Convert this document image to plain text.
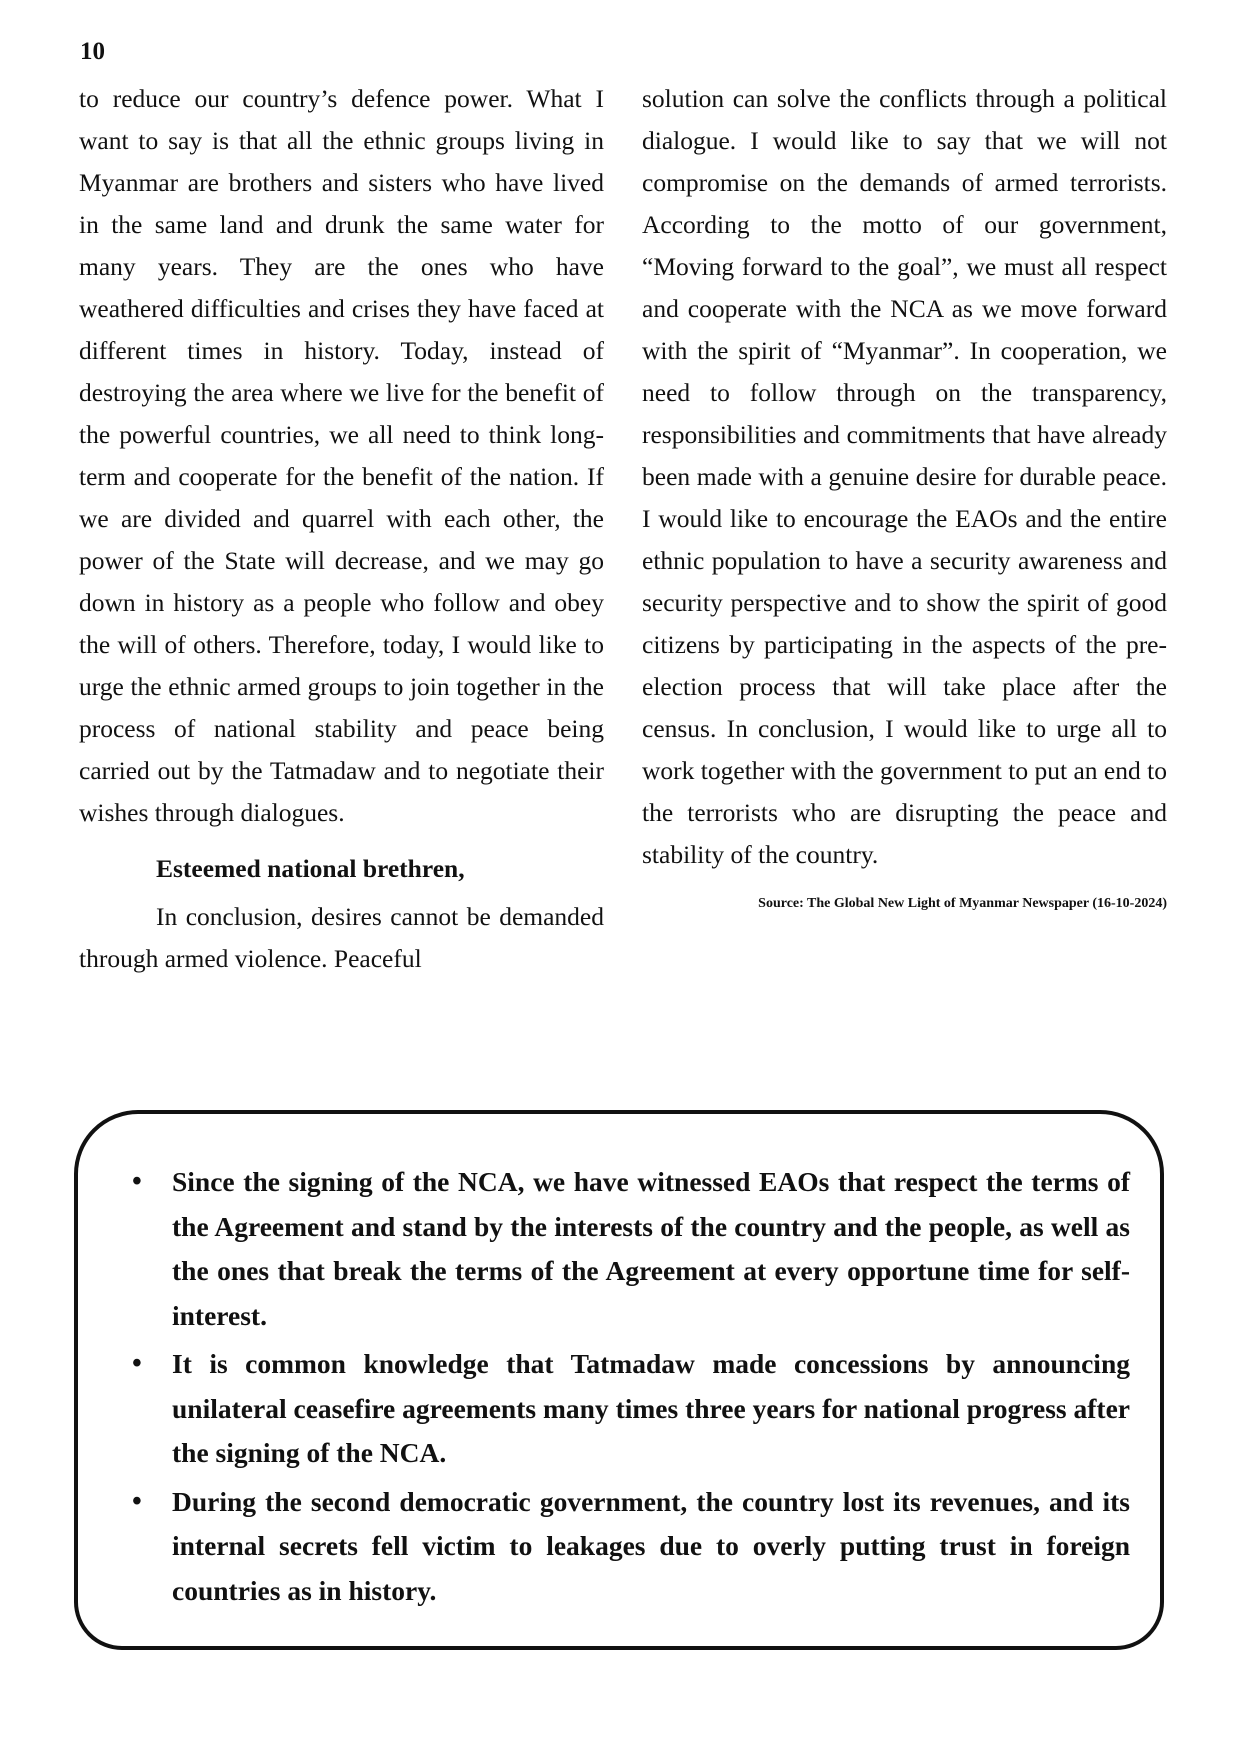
10

to reduce our country’s defence power. What I want to say is that all the ethnic groups living in Myanmar are brothers and sisters who have lived in the same land and drunk the same water for many years. They are the ones who have weathered difficulties and crises they have faced at different times in history. Today, instead of destroying the area where we live for the benefit of the powerful countries, we all need to think long-term and cooperate for the benefit of the nation. If we are divided and quarrel with each other, the power of the State will decrease, and we may go down in history as a people who follow and obey the will of others. Therefore, today, I would like to urge the ethnic armed groups to join together in the process of national stability and peace being carried out by the Tatmadaw and to negotiate their wishes through dialogues.

Esteemed national brethren,

In conclusion, desires cannot be demanded through armed violence. Peaceful

solution can solve the conflicts through a political dialogue. I would like to say that we will not compromise on the demands of armed terrorists. According to the motto of our government, “Moving forward to the goal”, we must all respect and cooperate with the NCA as we move forward with the spirit of “Myanmar”. In cooperation, we need to follow through on the transparency, responsibilities and commitments that have already been made with a genuine desire for durable peace. I would like to encourage the EAOs and the entire ethnic population to have a security awareness and security perspective and to show the spirit of good citizens by participating in the aspects of the pre-election process that will take place after the census. In conclusion, I would like to urge all to work together with the government to put an end to the terrorists who are disrupting the peace and stability of the country.

Source: The Global New Light of Myanmar Newspaper (16-10-2024)

• Since the signing of the NCA, we have witnessed EAOs that respect the terms of the Agreement and stand by the interests of the country and the people, as well as the ones that break the terms of the Agreement at every opportune time for self-interest.
• It is common knowledge that Tatmadaw made concessions by announcing unilateral ceasefire agreements many times three years for national progress after the signing of the NCA.
• During the second democratic government, the country lost its revenues, and its internal secrets fell victim to leakages due to overly putting trust in foreign countries as in history.
